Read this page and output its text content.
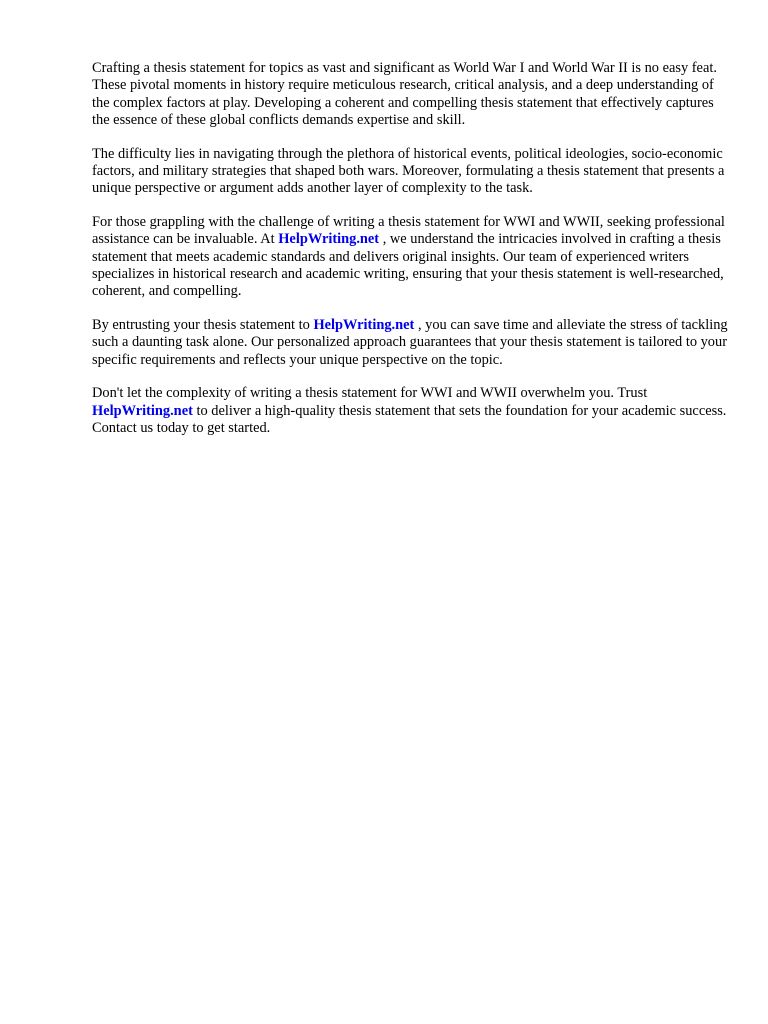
Crafting a thesis statement for topics as vast and significant as World War I and World War II is no easy feat. These pivotal moments in history require meticulous research, critical analysis, and a deep understanding of the complex factors at play. Developing a coherent and compelling thesis statement that effectively captures the essence of these global conflicts demands expertise and skill.

The difficulty lies in navigating through the plethora of historical events, political ideologies, socio-economic factors, and military strategies that shaped both wars. Moreover, formulating a thesis statement that presents a unique perspective or argument adds another layer of complexity to the task.

For those grappling with the challenge of writing a thesis statement for WWI and WWII, seeking professional assistance can be invaluable. At HelpWriting.net , we understand the intricacies involved in crafting a thesis statement that meets academic standards and delivers original insights. Our team of experienced writers specializes in historical research and academic writing, ensuring that your thesis statement is well-researched, coherent, and compelling.

By entrusting your thesis statement to HelpWriting.net , you can save time and alleviate the stress of tackling such a daunting task alone. Our personalized approach guarantees that your thesis statement is tailored to your specific requirements and reflects your unique perspective on the topic.

Don't let the complexity of writing a thesis statement for WWI and WWII overwhelm you. Trust HelpWriting.net to deliver a high-quality thesis statement that sets the foundation for your academic success. Contact us today to get started.
